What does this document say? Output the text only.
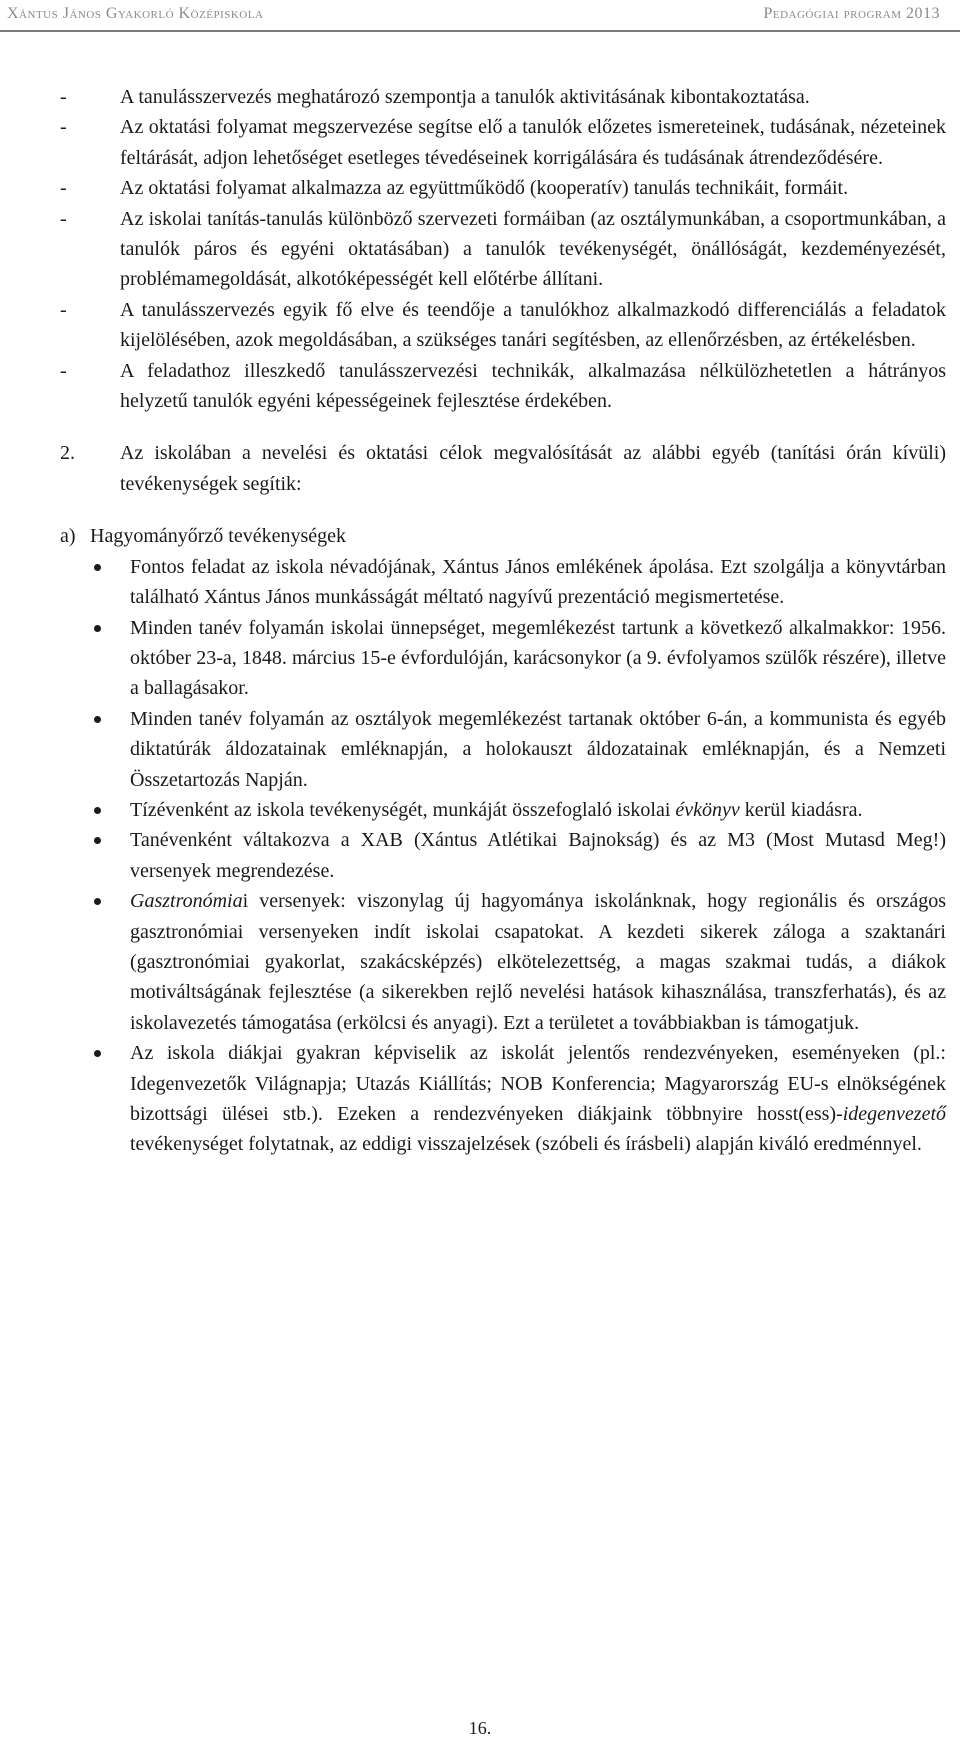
Xántus János Gyakorló Középiskola	Pedagógiai program 2013
-	A tanulásszervezés meghatározó szempontja a tanulók aktivitásának kibontakoztatása.
-	Az oktatási folyamat megszervezése segítse elő a tanulók előzetes ismereteinek, tudásának, nézeteinek feltárását, adjon lehetőséget esetleges tévedéseinek korrigálására és tudásának átrendeződésére.
-	Az oktatási folyamat alkalmazza az együttműködő (kooperatív) tanulás technikáit, formáit.
-	Az iskolai tanítás-tanulás különböző szervezeti formáiban (az osztálymunkában, a csoportmunkában, a tanulók páros és egyéni oktatásában) a tanulók tevékenységét, önállóságát, kezdeményezését, problémamegoldását, alkotóképességét kell előtérbe állítani.
-	A tanulásszervezés egyik fő elve és teendője a tanulókhoz alkalmazkodó differenciálás a feladatok kijelölésében, azok megoldásában, a szükséges tanári segítésben, az ellenőrzésben, az értékelésben.
-	A feladathoz illeszkedő tanulásszervezési technikák, alkalmazása nélkülözhetetlen a hátrányos helyzetű tanulók egyéni képességeinek fejlesztése érdekében.
2. Az iskolában a nevelési és oktatási célok megvalósítását az alábbi egyéb (tanítási órán kívüli) tevékenységek segítik:
a) Hagyományőrző tevékenységek
Fontos feladat az iskola névadójának, Xántus János emlékének ápolása. Ezt szolgálja a könyvtárban található Xántus János munkásságát méltató nagyívű prezentáció megismertetése.
Minden tanév folyamán iskolai ünnepséget, megemlékezést tartunk a következő alkalmakkor: 1956. október 23-a, 1848. március 15-e évfordulóján, karácsonykor (a 9. évfolyamos szülők részére), illetve a ballagásakor.
Minden tanév folyamán az osztályok megemlékezést tartanak október 6-án, a kommunista és egyéb diktatúrák áldozatainak emléknapján, a holokauszt áldozatainak emléknapján, és a Nemzeti Összetartozás Napján.
Tízévenként az iskola tevékenységét, munkáját összefoglaló iskolai évkönyv kerül kiadásra.
Tanévenként váltakozva a XAB (Xántus Atlétikai Bajnokság) és az M3 (Most Mutasd Meg!) versenyek megrendezése.
Gasztronómiai versenyek: viszonylag új hagyománya iskolánknak, hogy regionális és országos gasztronómiai versenyeken indít iskolai csapatokat. A kezdeti sikerek záloga a szaktanári (gasztronómiai gyakorlat, szakácsképzés) elkötelezettség, a magas szakmai tudás, a diákok motiváltságának fejlesztése (a sikerekben rejlő nevelési hatások kihasználása, transzferhatás), és az iskolavezetés támogatása (erkölcsi és anyagi). Ezt a területet a továbbiakban is támogatjuk.
Az iskola diákjai gyakran képviselik az iskolát jelentős rendezvényeken, eseményeken (pl.: Idegenvezetők Világnapja; Utazás Kiállítás; NOB Konferencia; Magyarország EU-s elnökségének bizottsági ülései stb.). Ezeken a rendezvényeken diákjaink többnyire hosst(ess)-idegenvezető tevékenységet folytatnak, az eddigi visszajelzések (szóbeli és írásbeli) alapján kiváló eredménnyel.
16.
